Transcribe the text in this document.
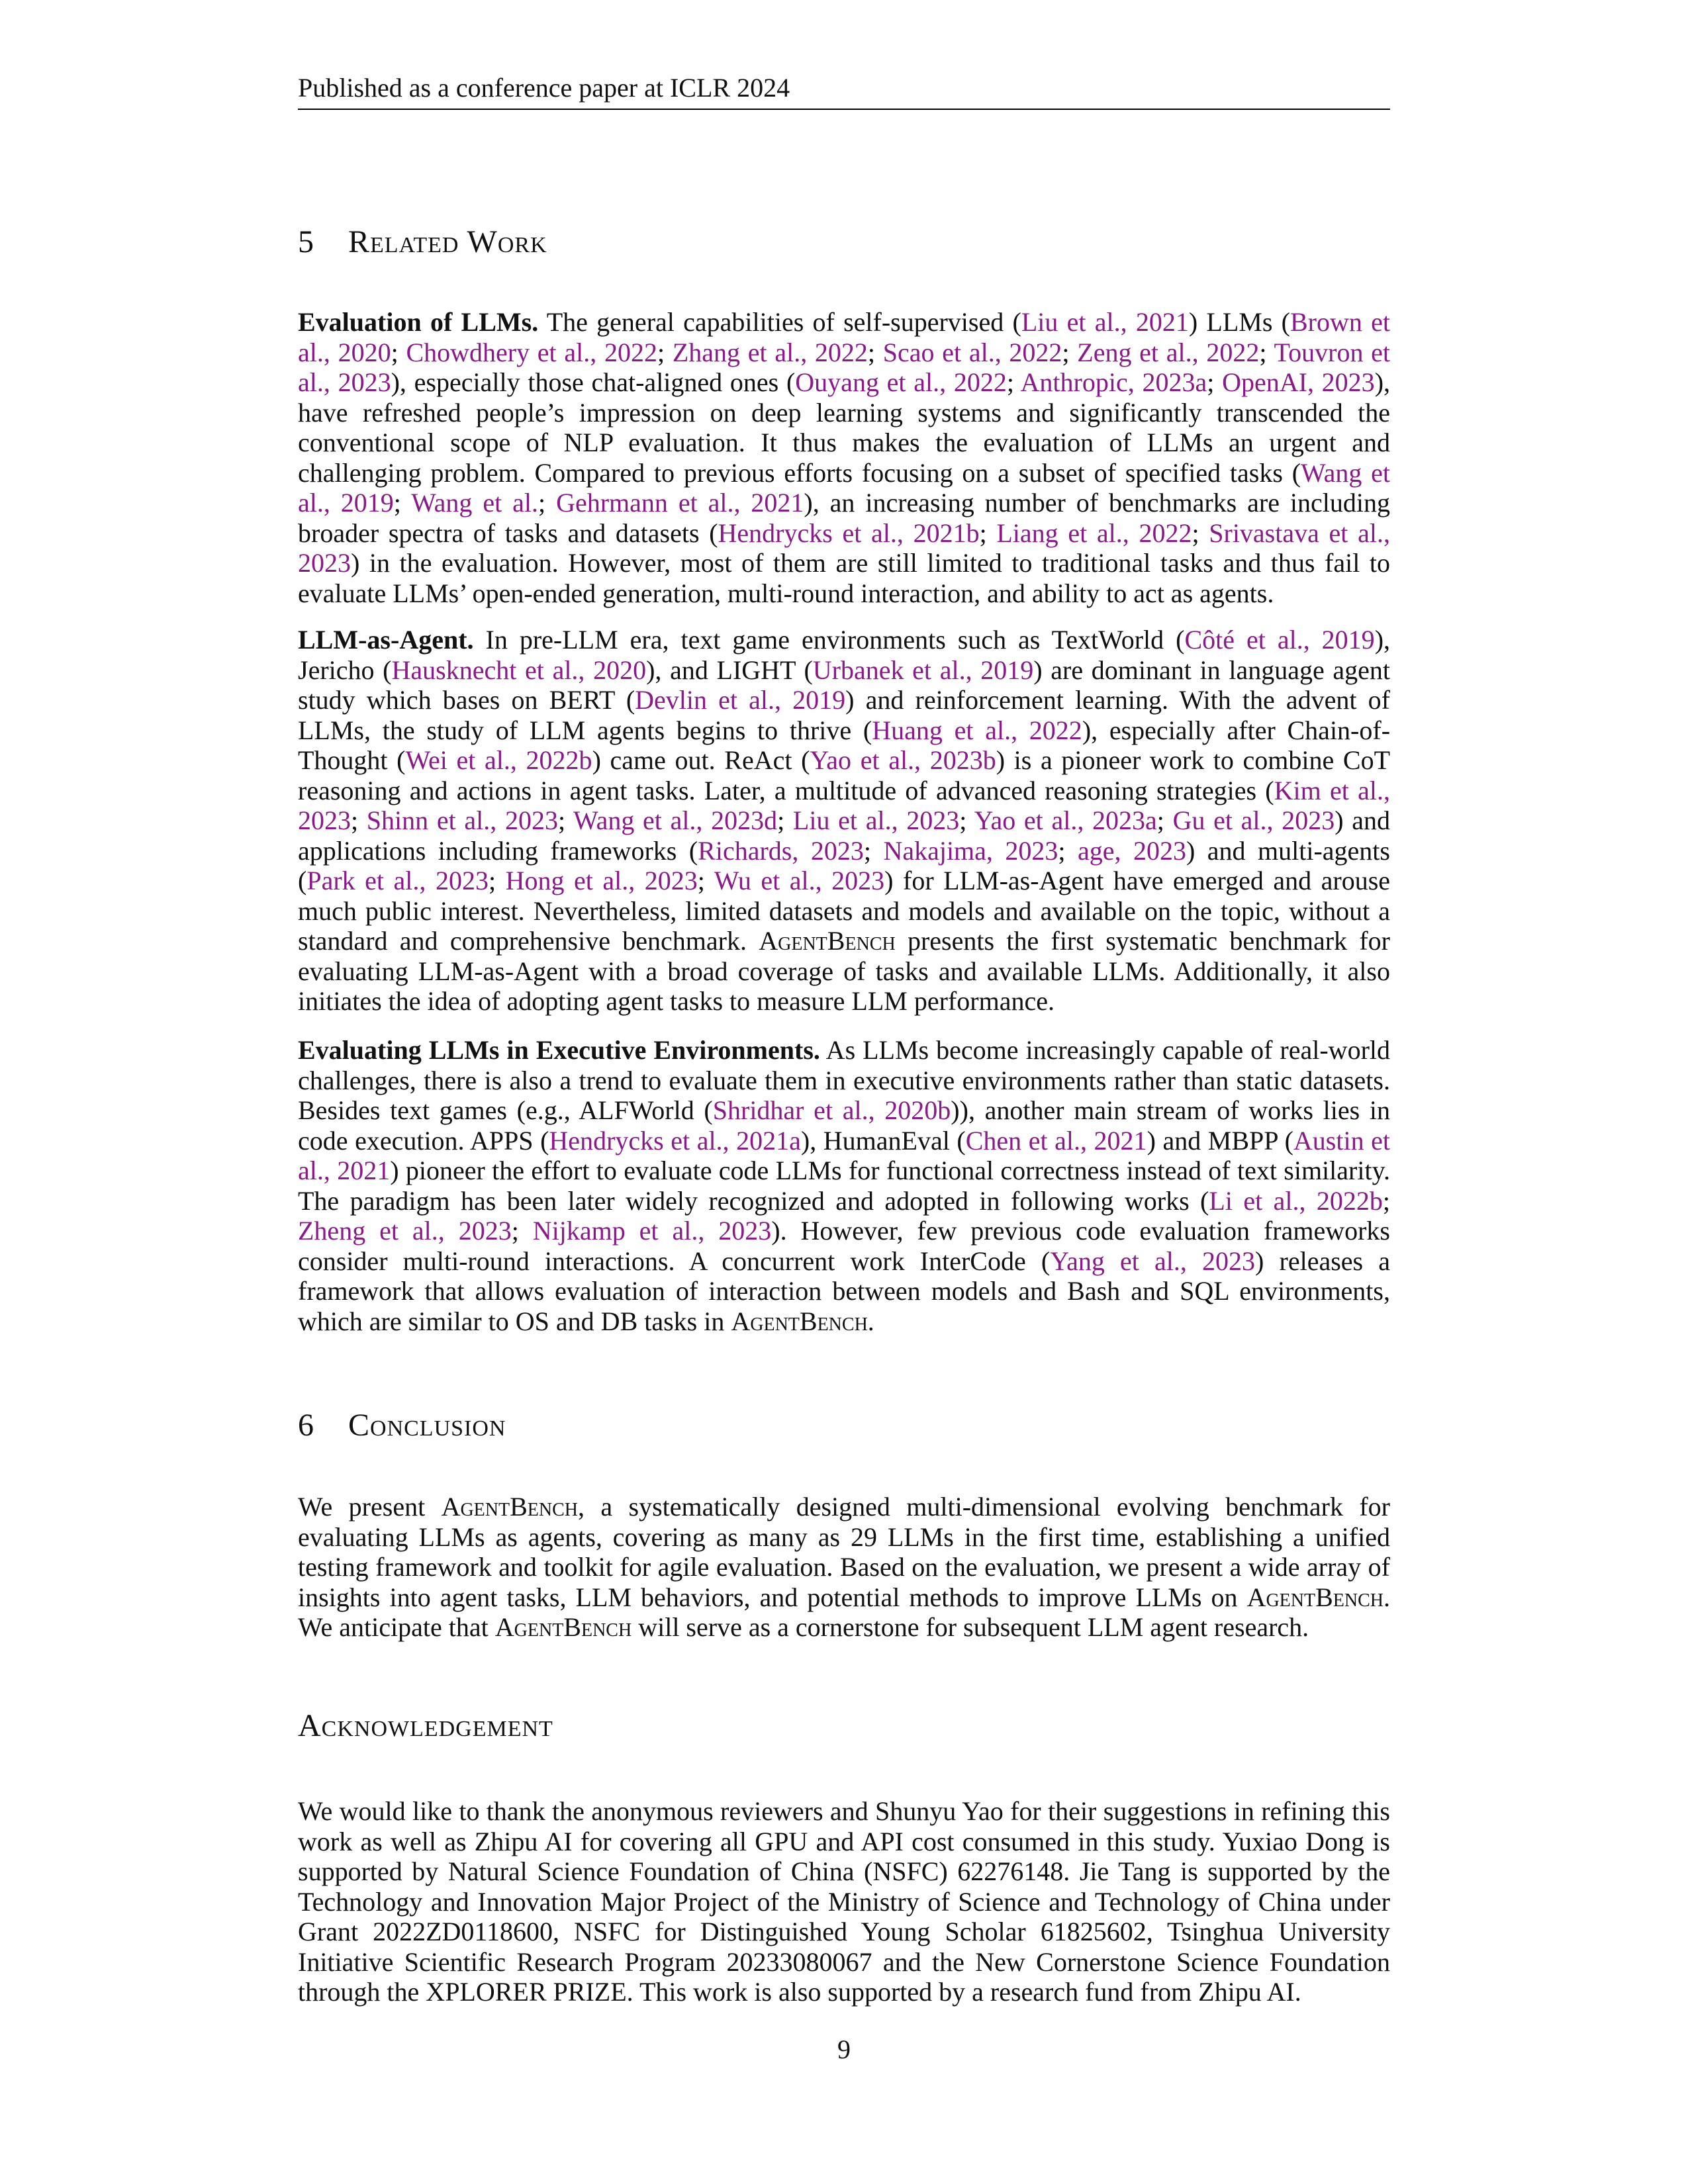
Published as a conference paper at ICLR 2024
5 Related Work

Evaluation of LLMs. The general capabilities of self-supervised (Liu et al., 2021) LLMs (Brown et al., 2020; Chowdhery et al., 2022; Zhang et al., 2022; Scao et al., 2022; Zeng et al., 2022; Touvron et al., 2023), especially those chat-aligned ones (Ouyang et al., 2022; Anthropic, 2023a; OpenAI, 2023), have refreshed people’s impression on deep learning systems and significantly transcended the conventional scope of NLP evaluation. It thus makes the evaluation of LLMs an urgent and challenging problem. Compared to previous efforts focusing on a subset of specified tasks (Wang et al., 2019; Wang et al.; Gehrmann et al., 2021), an increasing number of benchmarks are including broader spectra of tasks and datasets (Hendrycks et al., 2021b; Liang et al., 2022; Srivastava et al., 2023) in the evaluation. However, most of them are still limited to traditional tasks and thus fail to evaluate LLMs’ open-ended generation, multi-round interaction, and ability to act as agents.

LLM-as-Agent. In pre-LLM era, text game environments such as TextWorld (Côté et al., 2019), Jericho (Hausknecht et al., 2020), and LIGHT (Urbanek et al., 2019) are dominant in language agent study which bases on BERT (Devlin et al., 2019) and reinforcement learning. With the advent of LLMs, the study of LLM agents begins to thrive (Huang et al., 2022), especially after Chain-of-Thought (Wei et al., 2022b) came out. ReAct (Yao et al., 2023b) is a pioneer work to combine CoT reasoning and actions in agent tasks. Later, a multitude of advanced reasoning strategies (Kim et al., 2023; Shinn et al., 2023; Wang et al., 2023d; Liu et al., 2023; Yao et al., 2023a; Gu et al., 2023) and applications including frameworks (Richards, 2023; Nakajima, 2023; age, 2023) and multi-agents (Park et al., 2023; Hong et al., 2023; Wu et al., 2023) for LLM-as-Agent have emerged and arouse much public interest. Nevertheless, limited datasets and models and available on the topic, without a standard and comprehensive benchmark. AgentBench presents the first systematic benchmark for evaluating LLM-as-Agent with a broad coverage of tasks and available LLMs. Additionally, it also initiates the idea of adopting agent tasks to measure LLM performance.

Evaluating LLMs in Executive Environments. As LLMs become increasingly capable of real-world challenges, there is also a trend to evaluate them in executive environments rather than static datasets. Besides text games (e.g., ALFWorld (Shridhar et al., 2020b)), another main stream of works lies in code execution. APPS (Hendrycks et al., 2021a), HumanEval (Chen et al., 2021) and MBPP (Austin et al., 2021) pioneer the effort to evaluate code LLMs for functional correctness instead of text similarity. The paradigm has been later widely recognized and adopted in following works (Li et al., 2022b; Zheng et al., 2023; Nijkamp et al., 2023). However, few previous code evaluation frameworks consider multi-round interactions. A concurrent work InterCode (Yang et al., 2023) releases a framework that allows evaluation of interaction between models and Bash and SQL environments, which are similar to OS and DB tasks in AgentBench.

6 Conclusion

We present AgentBench, a systematically designed multi-dimensional evolving benchmark for evaluating LLMs as agents, covering as many as 29 LLMs in the first time, establishing a unified testing framework and toolkit for agile evaluation. Based on the evaluation, we present a wide array of insights into agent tasks, LLM behaviors, and potential methods to improve LLMs on AgentBench. We anticipate that AgentBench will serve as a cornerstone for subsequent LLM agent research.

Acknowledgement

We would like to thank the anonymous reviewers and Shunyu Yao for their suggestions in refining this work as well as Zhipu AI for covering all GPU and API cost consumed in this study. Yuxiao Dong is supported by Natural Science Foundation of China (NSFC) 62276148. Jie Tang is supported by the Technology and Innovation Major Project of the Ministry of Science and Technology of China under Grant 2022ZD0118600, NSFC for Distinguished Young Scholar 61825602, Tsinghua University Initiative Scientific Research Program 20233080067 and the New Cornerstone Science Foundation through the XPLORER PRIZE. This work is also supported by a research fund from Zhipu AI.

9
